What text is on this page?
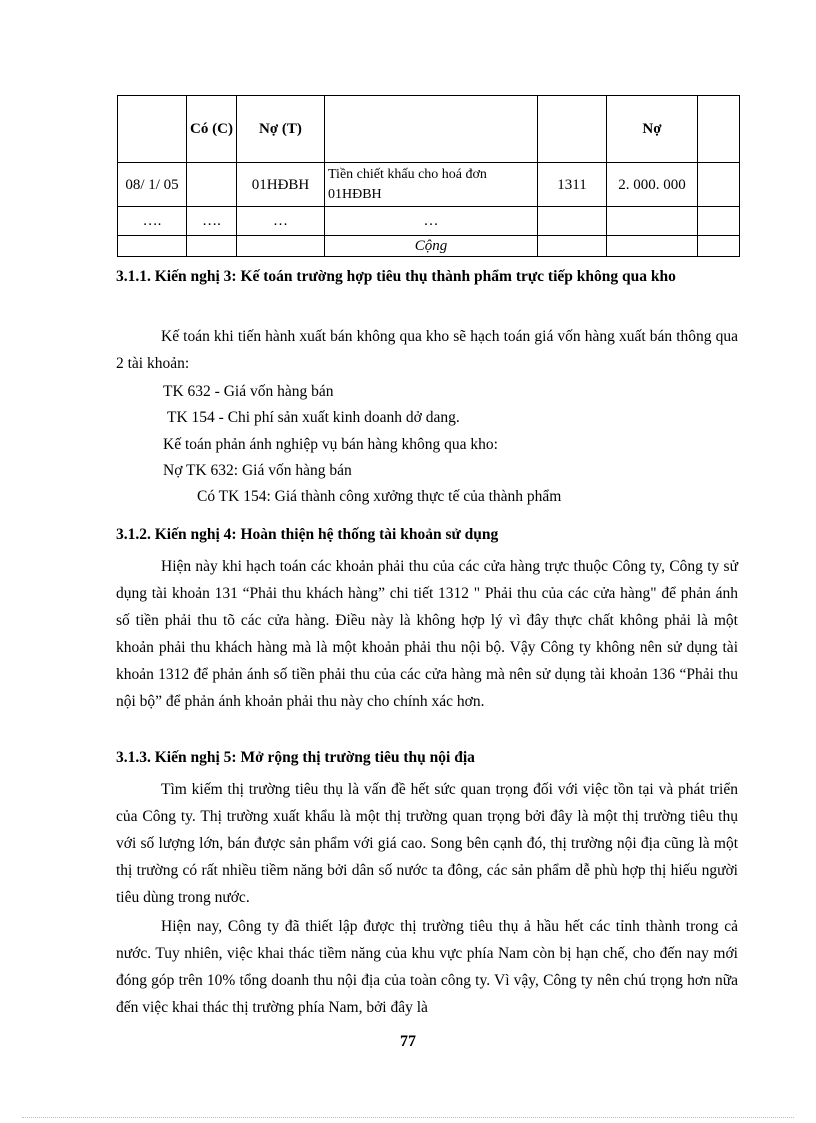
	Có (C)	Nợ (T)			Nợ	
08/ 1/ 05		01HĐBH	Tiền chiết khấu cho hoá đơn 01HĐBH	1311	2. 000. 000	
….	….	…	…			
			Cộng			
3.1.1. Kiến nghị 3: Kế toán trường hợp tiêu thụ thành phẩm trực tiếp không qua kho
Kế toán khi tiến hành xuất bán không qua kho sẽ hạch toán giá vốn hàng xuất bán thông qua 2 tài khoản:
TK 632 - Giá vốn hàng bán
TK 154 - Chi phí sản xuất kinh doanh dở dang.
Kế toán phản ánh nghiệp vụ bán hàng không qua kho:
Nợ TK 632: Giá vốn hàng bán
Có TK 154: Giá thành công xưởng thực tế của thành phẩm
3.1.2. Kiến nghị 4: Hoàn thiện hệ thống tài khoản sử dụng
Hiện này khi hạch toán các khoản phải thu của các cửa hàng trực thuộc Công ty, Công ty sử dụng tài khoản 131 “Phải thu khách hàng” chi tiết 1312 " Phải thu của các cửa hàng" để phản ánh số tiền phải thu tõ các cửa hàng. Điều này là không hợp lý vì đây thực chất không phải là một khoản phải thu khách hàng mà là một khoản phải thu nội bộ. Vậy Công ty không nên sử dụng tài khoản 1312 để phản ánh số tiền phải thu của các cửa hàng mà nên sử dụng tài khoản 136 “Phải thu nội bộ” để phản ánh khoản phải thu này cho chính xác hơn.
3.1.3. Kiến nghị 5: Mở rộng thị trường tiêu thụ nội địa
Tìm kiếm thị trường tiêu thụ là vấn đề hết sức quan trọng đối với việc tồn tại và phát triển của Công ty. Thị trường xuất khẩu là một thị trường quan trọng bởi đây là một thị trường tiêu thụ với số lượng lớn, bán được sản phẩm với giá cao. Song bên cạnh đó, thị trường nội địa cũng là một thị trường có rất nhiều tiềm năng bởi dân số nước ta đông, các sản phẩm dễ phù hợp thị hiếu người tiêu dùng trong nước.
Hiện nay, Công ty đã thiết lập được thị trường tiêu thụ ả hầu hết các tỉnh thành trong cả nước. Tuy nhiên, việc khai thác tiềm năng của khu vực phía Nam còn bị hạn chế, cho đến nay mới đóng góp trên 10% tổng doanh thu nội địa của toàn công ty. Vì vậy, Công ty nên chú trọng hơn nữa đến việc khai thác thị trường phía Nam, bởi đây là
77
